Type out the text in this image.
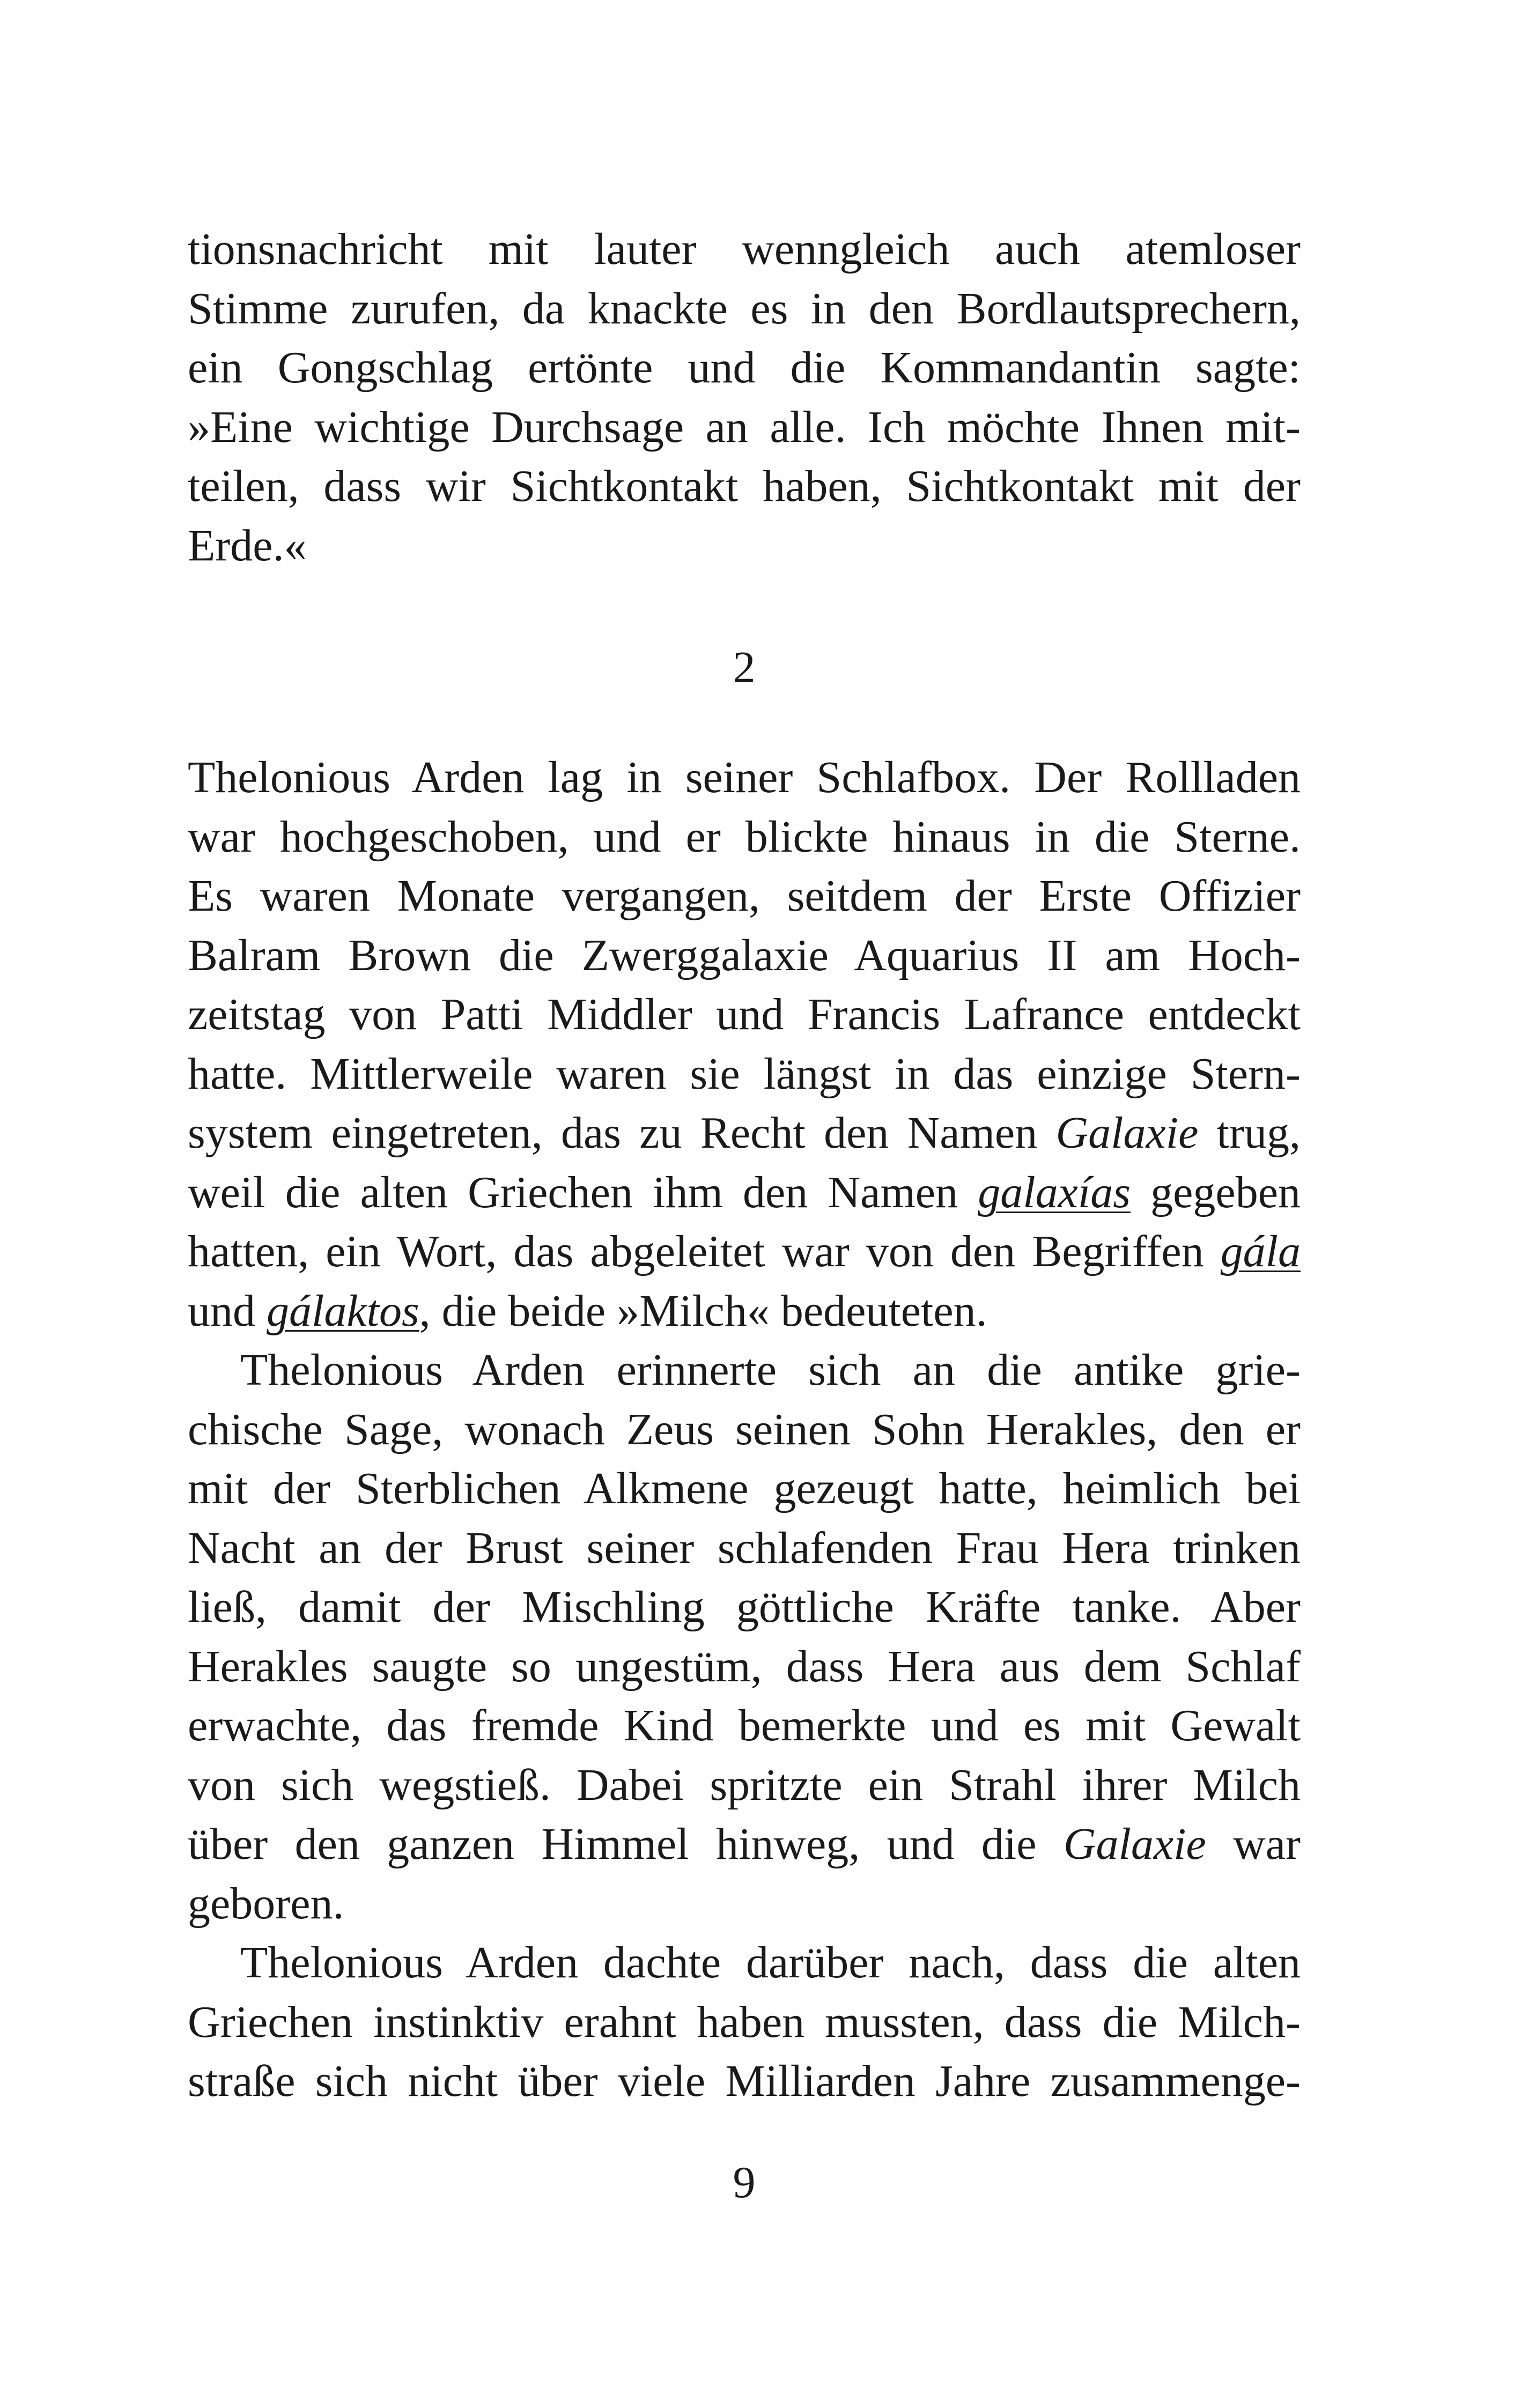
tionsnachricht mit lauter wenngleich auch atemloser
Stimme zurufen, da knackte es in den Bordlautsprechern,
ein Gongschlag ertönte und die Kommandantin sagte:
»Eine wichtige Durchsage an alle. Ich möchte Ihnen mit-
teilen, dass wir Sichtkontakt haben, Sichtkontakt mit der
Erde.«
2
Thelonious Arden lag in seiner Schlafbox. Der Rollladen
war hochgeschoben, und er blickte hinaus in die Sterne.
Es waren Monate vergangen, seitdem der Erste Offizier
Balram Brown die Zwerggalaxie Aquarius II am Hoch-
zeitstag von Patti Middler und Francis Lafrance entdeckt
hatte. Mittlerweile waren sie längst in das einzige Stern-
system eingetreten, das zu Recht den Namen Galaxie trug,
weil die alten Griechen ihm den Namen galaxías gegeben
hatten, ein Wort, das abgeleitet war von den Begriffen gála
und gálaktos, die beide »Milch« bedeuteten.
Thelonious Arden erinnerte sich an die antike grie-
chische Sage, wonach Zeus seinen Sohn Herakles, den er
mit der Sterblichen Alkmene gezeugt hatte, heimlich bei
Nacht an der Brust seiner schlafenden Frau Hera trinken
ließ, damit der Mischling göttliche Kräfte tanke. Aber
Herakles saugte so ungestüm, dass Hera aus dem Schlaf
erwachte, das fremde Kind bemerkte und es mit Gewalt
von sich wegstieß. Dabei spritzte ein Strahl ihrer Milch
über den ganzen Himmel hinweg, und die Galaxie war
geboren.
Thelonious Arden dachte darüber nach, dass die alten
Griechen instinktiv erahnt haben mussten, dass die Milch-
straße sich nicht über viele Milliarden Jahre zusammenge-
9
